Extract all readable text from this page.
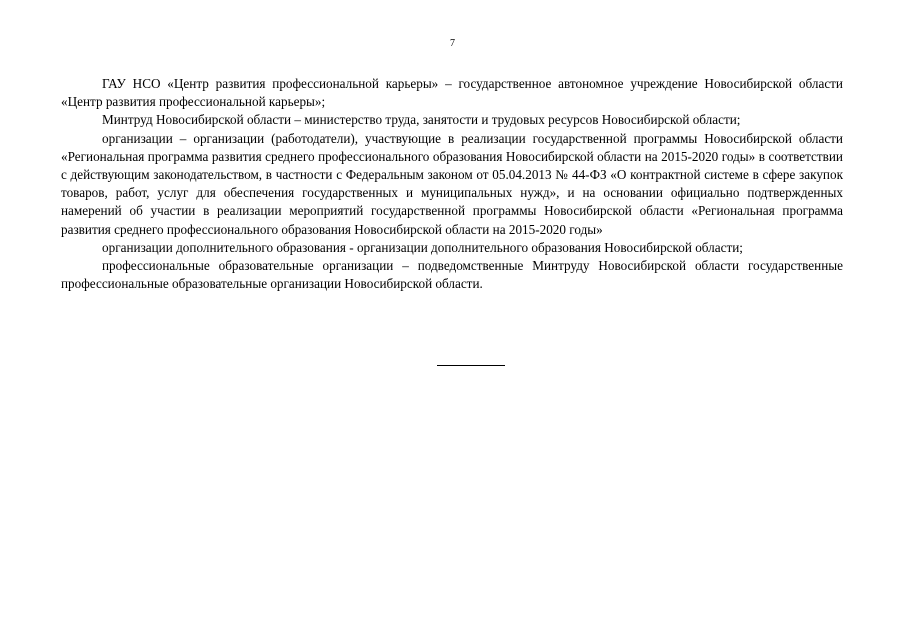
7

ГАУ НСО «Центр развития профессиональной карьеры» – государственное автономное учреждение Новосибирской области «Центр развития профессиональной карьеры»;

Минтруд Новосибирской области – министерство труда, занятости и трудовых ресурсов Новосибирской области;

организации – организации (работодатели), участвующие в реализации государственной программы Новосибирской области «Региональная программа развития среднего профессионального образования Новосибирской области на 2015-2020 годы» в соответствии с действующим законодательством, в частности с Федеральным законом от 05.04.2013 № 44-ФЗ «О контрактной системе в сфере закупок товаров, работ, услуг для обеспечения государственных и муниципальных нужд», и на основании официально подтвержденных намерений об участии в реализации мероприятий государственной программы Новосибирской области «Региональная программа развития среднего профессионального образования Новосибирской области на 2015-2020 годы»

организации дополнительного образования - организации дополнительного образования Новосибирской области;

профессиональные образовательные организации – подведомственные Минтруду Новосибирской области государственные профессиональные образовательные организации Новосибирской области.
